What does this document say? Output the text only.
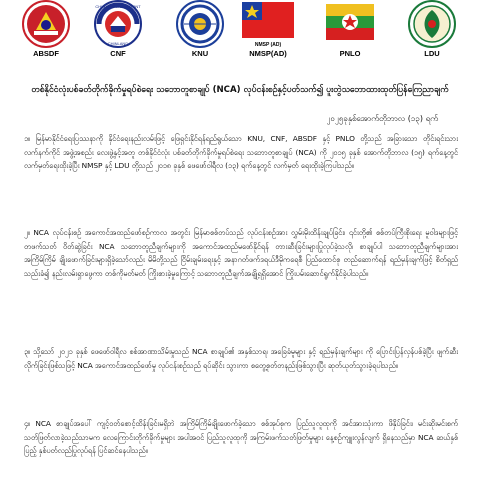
ABSDF
CHIN NATIONAL FRONT
CHINLAND
CNF	KNU
NMSP (AD)
NMSP(AD)	PNLO	LDU
တစ်နိုင်ငံလုံးပစ်ခတ်တိုက်ခိုက်မှုရပ်စဲရေး သဘောတူစာချုပ် (NCA) လုပ်ငန်းစဉ်နှင့်ပတ်သက်၍ ပူးတွဲသဘောထားထုတ်ပြန်ကြေညာချက်
၂၀၂၅ခုနှစ်အောက်တိုဘာလ (၁၃) ရက်
၁။ မြန်မာနိုင်ငံရေးပြဿနာကို နိုင်ငံရေးနည်းလမ်းဖြင့် ဖြေရှင်းနိုင်ရန်ရည်ရွယ်သော KNU, CNF, ABSDF နှင့် PNLO တို့သည် အခြားသော တိုင်းရင်းသားလက်နက်ကိုင် အဖွဲ့အစည်း လေးဖွဲ့နှင့်အတူ တစ်နိုင်ငံလုံး ပစ်ခတ်တိုက်ခိုက်မှုရပ်စဲရေး သဘောတူစာချုပ် (NCA) ကို ၂၀၁၅ ခုနှစ် အောက်တိုဘာလ (၁၅) ရက်နေ့တွင် လက်မှတ်ရေးထိုးခဲ့ပြီး NMSP နှင့် LDU တို့သည် ၂၀၁၈ ခုနှစ် ဖေဖော်ဝါရီလ (၁၃) ရက်နေ့တွင် လက်မှတ် ရေးထိုးခဲ့ကြပါသည်။
၂။ NCA လုပ်ငန်းစဉ် အကောင်အထည်ဖော်စဉ်ကာလ အတွင်း မြန်မာစစ်တပ်သည် လုပ်ငန်းစဉ်အား လွှမ်းမိုးထိန်းချုပ်ခြင်း၊ ၎င်းတို့၏ စစ်တပ်ကြီးစိုးရေး မူဝါဒများဖြင့် တဖက်သတ် ဝိတ်ဆွဲခြင်း NCA သဘောတူညီချက်များကို အကောင်အထည်မဖော်နိုင်ရန် တားဆီးခြင်းများပြုလုပ်ခဲ့သလို၊ စာချုပ်ပါ သဘောတူညီချက်များအား အကြိမ်ကြိမ် ချိုးဖောက်ခြင်းများရှိခဲ့သော်လည်း မိမိတို့သည် ငြိမ်းချမ်းရေးနှင့် အနာဂတ်ဖက်ဒရယ်ဒီမိုကရေစီ ပြည်ထောင်စု တည်ဆောက်ရန် ရည်မှန်းချက်ဖြင့် စိတ်ရှည်သည်းခံ၍ နည်းလမ်းရှာဖွေကာ တစ်ကိုမတ်မတ် ကြိုးစားခဲ့မှုကြောင့် သဘောတူညီချက်အချို့ရရှိအောင် ကြိုးပမ်းဆောင်ရွက်နိုင်ခဲ့ပါသည်။
၃။ သို့သော် ၂၀၂၁ ခုနှစ် ဖေဖော်ဝါရီလ စစ်အာဏာသိမ်းမှုသည် NCA စာချုပ်၏ အနှစ်သာရ၊ အခြေခံမူများ နှင့် ရည်မှန်းချက်များ ကို ပြောင်းပြန်လှန်ပစ်ခဲ့ပြီး ဖျက်ဆီးလိုက်ခြင်းဖြစ်သဖြင့် NCA အကောင်အထည်ဖော်မှု လုပ်ငန်းစဉ်သည် ရပ်ဆိုင်း သွားကာ စတွေ့စုတ်တနည်းဖြစ်သွားပြီး ဆုတ်ယုတ်သွားခဲ့ရပါသည်။
၄။ NCA စာချုပ်အပေါ် ကျင့်ဝတ်စောင့်ထိန်းခြင်းမရှိဘဲ အကြိမ်ကြိမ်ချိုးဖောက်ခဲ့သော စစ်အုပ်စုက ပြည်သူလူထုကို အင်အားသုံးကာ ဖိနှိပ်ခြင်း၊ မင်းဆိုးမင်းစက်သတ်ဖြတ်လာခဲ့သည်သာမက လေကြောင်းတိုက်ခိုက်မှုများ အပါအဝင် ပြည်သူလူထုကို အကြမ်းဖက်သတ်ဖြတ်မှုများ နေ့စဉ်ကျူးလွန်လျက် ရှိနေသည်မှာ NCA ဆယ်နှစ်ပြည့် နှစ်ပတ်လည်ပြုလုပ်ရန် ပြင်ဆင်နေပါသည်။
